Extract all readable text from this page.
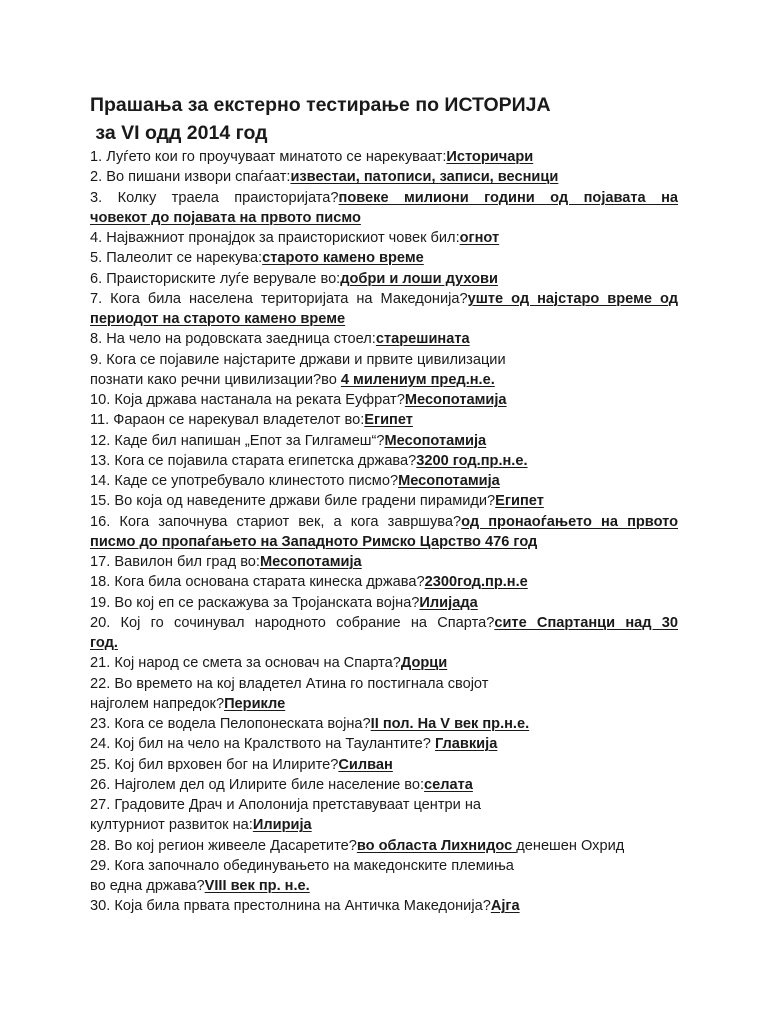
Прашања за екстерно тестирање по ИСТОРИЈА
за VI одд 2014 год
1. Луѓето кои го проучуваат минатото се нарекуваат:Историчари
2. Во пишани извори спаѓаат:известаи, патописи, записи, весници
3. Колку траела праисторијата?повеке милиони години од појавата на
човекот до појавата на првото писмо
4. Најважниот пронајдок за праисторискиот човек бил:огнот
5. Палеолит се нарекува:старото камено време
6. Праисториските луѓе верувале во:добри и лоши духови
7. Кога била населена територијата на Македонија?уште од најстаро време од
периодот на старото камено време
8. На чело на родовската заедница стоел:старешината
9. Кога се појавиле најстарите држави и првите цивилизации
познати како речни цивилизации?во 4 милениум пред.н.е.
10. Која држава настанала на реката Еуфрат?Месопотамија
11. Фараон се нарекувал владетелот во:Египет
12. Каде бил напишан „Епот за Гилгамеш“?Месопотамија
13. Кога се појавила старата египетска држава?3200 год.пр.н.е.
14. Каде се употребувало клинестото писмо?Месопотамија
15. Во која од наведените држави биле градени пирамиди?Египет
16. Кога започнува стариот век, а кога завршува?од пронаоѓањето на првото
писмо до пропаѓањето на Западното Римско Царство 476 год
17. Вавилон бил град во:Месопотамија
18. Кога била основана старата кинеска држава?2300год.пр.н.е
19. Во кој еп се раскажува за Тројанската војна?Илијада
20. Кој го сочинувал народното собрание на Спарта?сите Спартанци над 30
год.
21. Кој народ се смета за основач на Спарта?Дорци
22. Во времето на кој владетел Атина го постигнала својот
најголем напредок?Перикле
23. Кога се водела Пелопонеската војна?II пол. На V век пр.н.е.
24. Кој бил на чело на Кралството на Таулантите? Главкија
25. Кој бил врховен бог на Илирите?Силван
26. Најголем дел од Илирите биле население во:селата
27. Градовите Драч и Аполонија претставуваат центри на
културниот развиток на:Илирија
28. Во кој регион живееле Дасаретите?во областа Лихнидос денешен Охрид
29. Кога започнало обединувањето на македонските племиња
во една држава?VIII век пр. н.е.
30. Која била првата престолнина на Античка Македонија?Ајга
